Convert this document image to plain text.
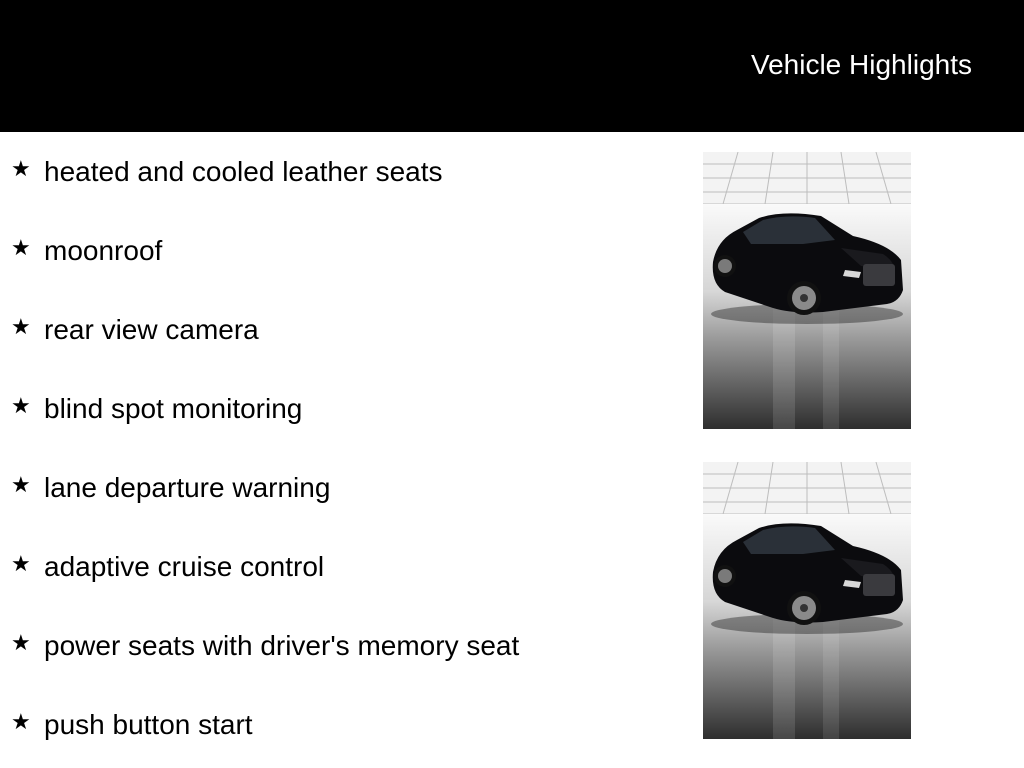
Vehicle Highlights
★ heated and cooled leather seats
★ moonroof
★ rear view camera
★ blind spot monitoring
★ lane departure warning
★ adaptive cruise control
★ power seats with driver's memory seat
★ push button start
